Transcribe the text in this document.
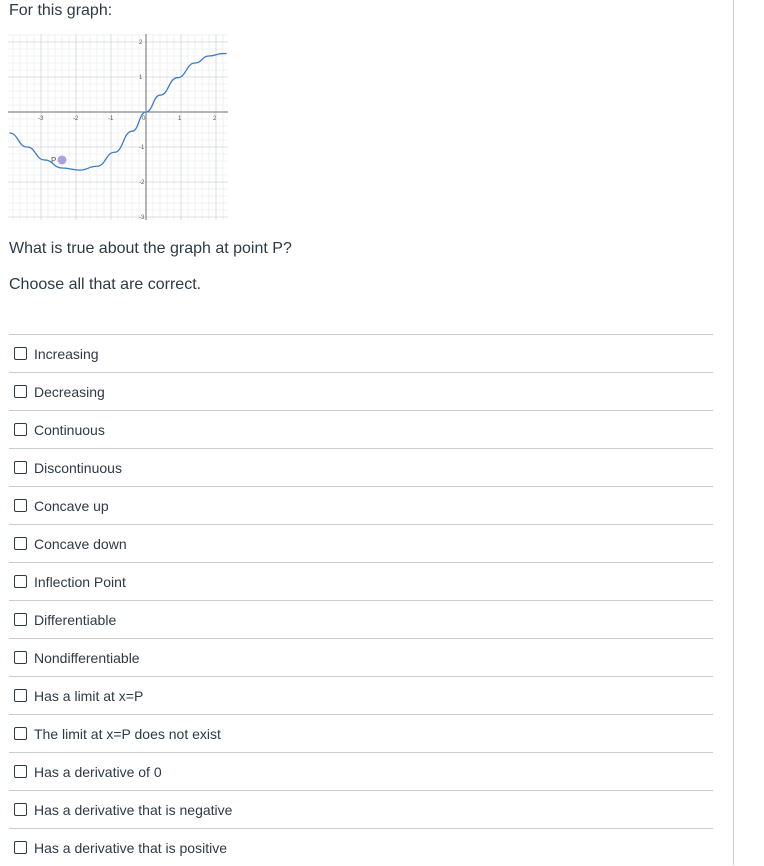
For this graph:
-3	-2	-1	0	1	2
2
1
-1
-2
-3
P
What is true about the graph at point P?
Choose all that are correct.
Increasing
Decreasing
Continuous
Discontinuous
Concave up
Concave down
Inflection Point
Differentiable
Nondifferentiable
Has a limit at x=P
The limit at x=P does not exist
Has a derivative of 0
Has a derivative that is negative
Has a derivative that is positive
